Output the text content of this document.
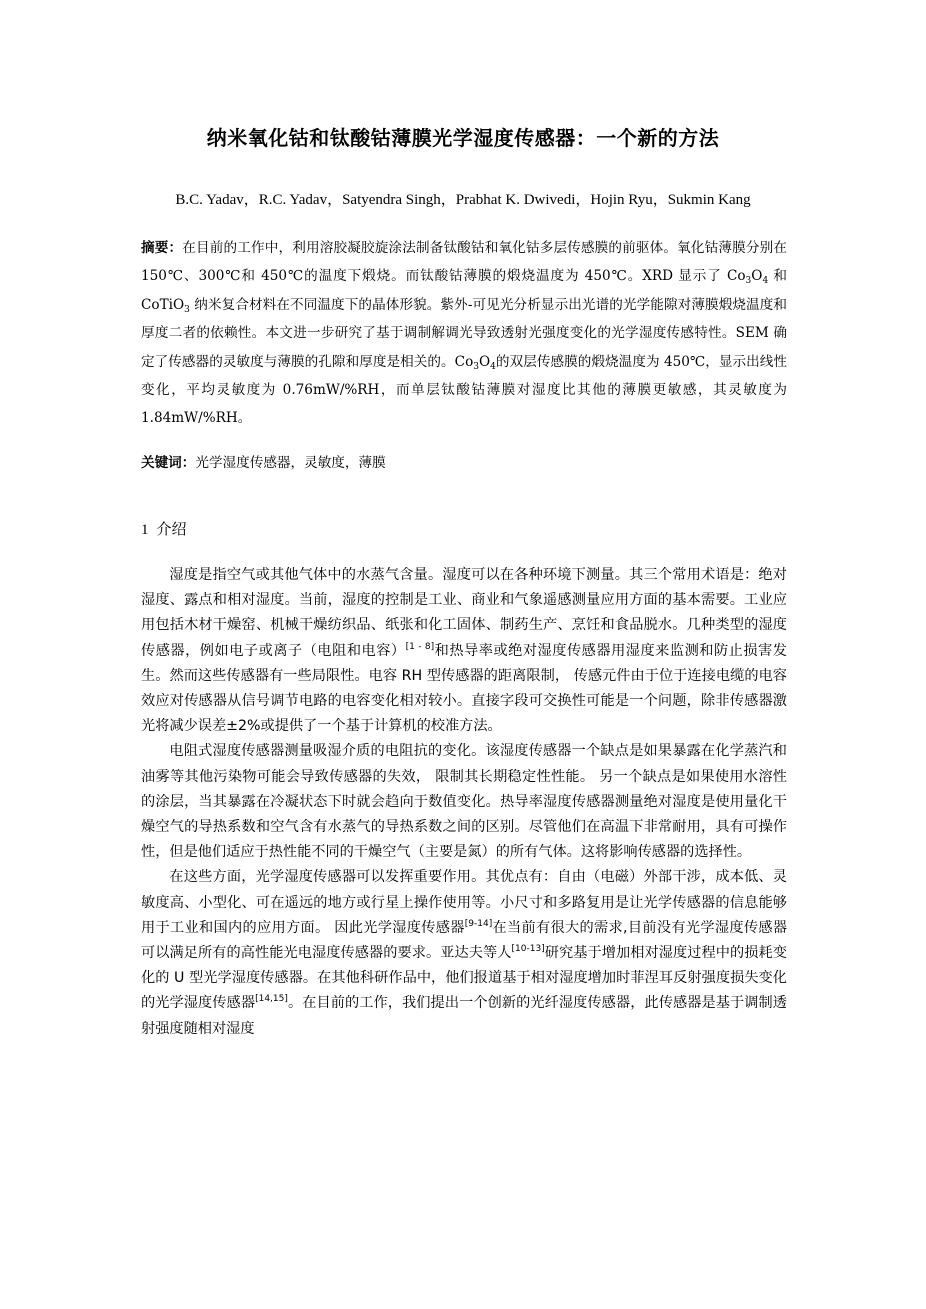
纳米氧化钴和钛酸钴薄膜光学湿度传感器：一个新的方法
B.C. Yadav，R.C. Yadav，Satyendra Singh，Prabhat K. Dwivedi，Hojin Ryu，Sukmin Kang
摘要：在目前的工作中，利用溶胶凝胶旋涂法制备钛酸钴和氧化钴多层传感膜的前驱体。氧化钴薄膜分别在 150℃、300℃和 450℃的温度下煅烧。而钛酸钴薄膜的煅烧温度为 450℃。XRD 显示了 $Co_3O_4$ 和 CoTiO$_3$ 纳米复合材料在不同温度下的晶体形貌。紫外-可见光分析显示出光谱的光学能隙对薄膜煅烧温度和厚度二者的依赖性。本文进一步研究了基于调制解调光导致透射光强度变化的光学湿度传感特性。SEM 确定了传感器的灵敏度与薄膜的孔隙和厚度是相关的。$Co_3O_4$的双层传感膜的煅烧温度为 450℃，显示出线性变化，平均灵敏度为 0.76mW/%RH，而单层钛酸钴薄膜对湿度比其他的薄膜更敏感，其灵敏度为 1.84mW/%RH。
关键词：光学湿度传感器，灵敏度，薄膜
1 介绍

湿度是指空气或其他气体中的水蒸气含量。湿度可以在各种环境下测量。其三个常用术语是：绝对湿度、露点和相对湿度。当前，湿度的控制是工业、商业和气象遥感测量应用方面的基本需要。工业应用包括木材干燥窑、机械干燥纺织品、纸张和化工固体、制药生产、烹饪和食品脱水。几种类型的湿度传感器，例如电子或离子（电阻和电容）[1 - 8]和热导率或绝对湿度传感器用湿度来监测和防止损害发生。然而这些传感器有一些局限性。电容 RH 型传感器的距离限制， 传感元件由于位于连接电缆的电容效应对传感器从信号调节电路的电容变化相对较小。直接字段可交换性可能是一个问题，除非传感器激光将减少误差±2%或提供了一个基于计算机的校准方法。

电阻式湿度传感器测量吸湿介质的电阻抗的变化。该湿度传感器一个缺点是如果暴露在化学蒸汽和油雾等其他污染物可能会导致传感器的失效， 限制其长期稳定性性能。 另一个缺点是如果使用水溶性的涂层，当其暴露在冷凝状态下时就会趋向于数值变化。热导率湿度传感器测量绝对湿度是使用量化干燥空气的导热系数和空气含有水蒸气的导热系数之间的区别。尽管他们在高温下非常耐用，具有可操作性，但是他们适应于热性能不同的干燥空气（主要是氮）的所有气体。这将影响传感器的选择性。

在这些方面，光学湿度传感器可以发挥重要作用。其优点有：自由（电磁）外部干涉，成本低、灵敏度高、小型化、可在遥远的地方或行星上操作使用等。小尺寸和多路复用是让光学传感器的信息能够用于工业和国内的应用方面。 因此光学湿度传感器[9-14]在当前有很大的需求,目前没有光学湿度传感器可以满足所有的高性能光电湿度传感器的要求。亚达夫等人[10-13]研究基于增加相对湿度过程中的损耗变化的 U 型光学湿度传感器。在其他科研作品中，他们报道基于相对湿度增加时菲涅耳反射强度损失变化的光学湿度传感器[14,15]。在目前的工作，我们提出一个创新的光纤湿度传感器，此传感器是基于调制透射强度随相对湿度
